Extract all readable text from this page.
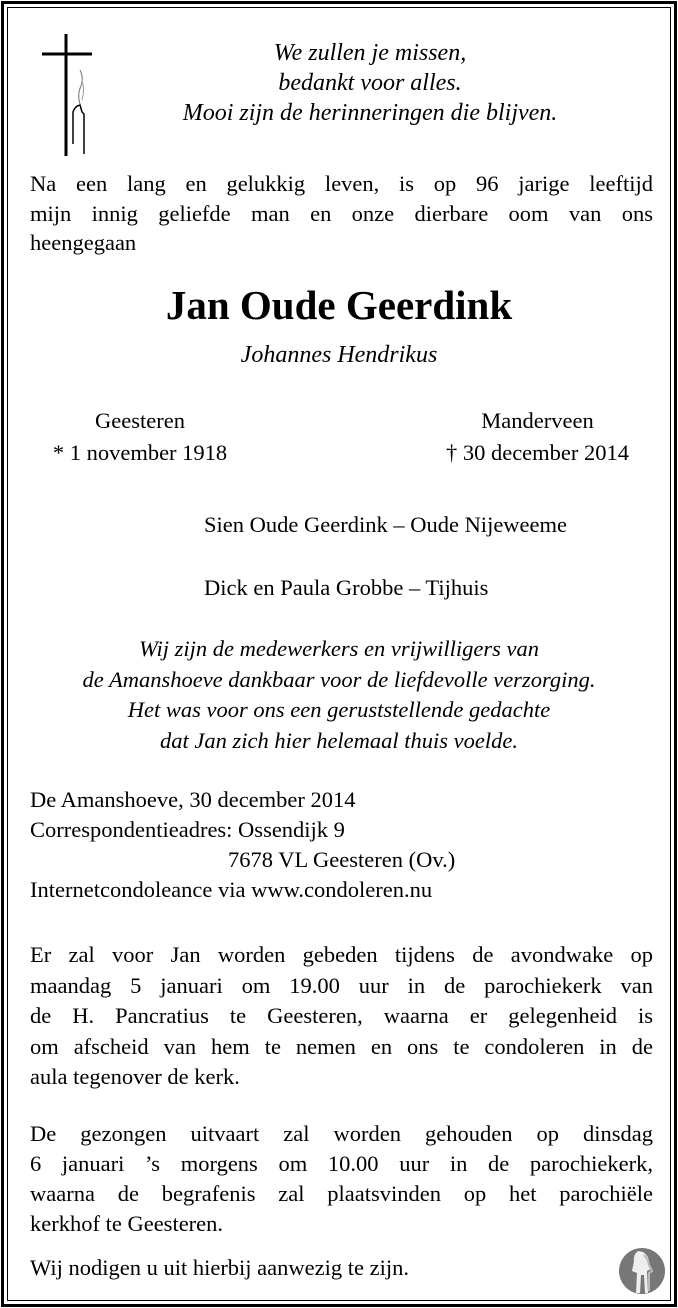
We zullen je missen,
bedankt voor alles.
Mooi zijn de herinneringen die blijven.
Na een lang en gelukkig leven, is op 96 jarige leeftijd
mijn innig geliefde man en onze dierbare oom van ons
heengegaan
Jan Oude Geerdink
Johannes Hendrikus
Geesteren
* 1 november 1918
Manderveen
† 30 december 2014
Sien Oude Geerdink – Oude Nijeweeme
Dick en Paula Grobbe – Tijhuis
Wij zijn de medewerkers en vrijwilligers van
de Amanshoeve dankbaar voor de liefdevolle verzorging.
Het was voor ons een geruststellende gedachte
dat Jan zich hier helemaal thuis voelde.
De Amanshoeve, 30 december 2014
Correspondentieadres: Ossendijk 9
7678 VL Geesteren (Ov.)
Internetcondoleance via www.condoleren.nu
Er zal voor Jan worden gebeden tijdens de avondwake op
maandag 5 januari om 19.00 uur in de parochiekerk van
de H. Pancratius te Geesteren, waarna er gelegenheid is
om afscheid van hem te nemen en ons te condoleren in de
aula tegenover de kerk.
De gezongen uitvaart zal worden gehouden op dinsdag
6 januari ’s morgens om 10.00 uur in de parochiekerk,
waarna de begrafenis zal plaatsvinden op het parochiële
kerkhof te Geesteren.
Wij nodigen u uit hierbij aanwezig te zijn.
